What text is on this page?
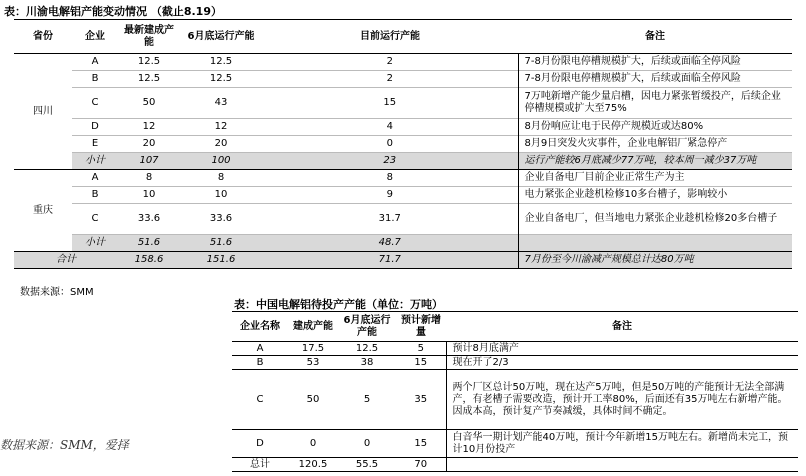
表：川渝电解铝产能变动情况 （截止8.19）
省份	企业	最新建成产能	6月底运行产能	目前运行产能	备注
四川	A	12.5	12.5	2	7-8月份限电停槽规模扩大，后续或面临全停风险
	B	12.5	12.5	2	7-8月份限电停槽规模扩大，后续或面临全停风险
	C	50	43	15	7万吨新增产能少量启槽，因电力紧张暂缓投产，后续企业停槽规模或扩大至75%
	D	12	12	4	8月份响应让电于民停产规模近或达80%
	E	20	20	0	8月9日突发火灾事件，企业电解铝厂紧急停产
	小计	107	100	23	运行产能较6月底减少77万吨，较本周一减少37万吨
重庆	A	8	8	8	企业自备电厂目前企业正常生产为主
	B	10	10	9	电力紧张企业趁机检修10多台槽子，影响较小
	C	33.6	33.6	31.7	企业自备电厂，但当地电力紧张企业趁机检修20多台槽子
	小计	51.6	51.6	48.7	
合计		158.6	151.6	71.7	7月份至今川渝减产规模总计达80万吨
数据来源：SMM
表：中国电解铝待投产产能（单位：万吨）
企业名称	建成产能	6月底运行产能	预计新增量	备注
A	17.5	12.5	5	预计8月底满产
B	53	38	15	现在开了2/3
C	50	5	35	两个厂区总计50万吨，现在达产5万吨，但是50万吨的产能预计无法全部满产，有老槽子需要改造，预计开工率80%，后面还有35万吨左右新增产能。因成本高，预计复产节奏减缓，具体时间不确定。
D	0	0	15	白音华一期计划产能40万吨，预计今年新增15万吨左右。新增尚未完工，预计10月份投产
总计	120.5	55.5	70	
数据来源：SMM，爱择
